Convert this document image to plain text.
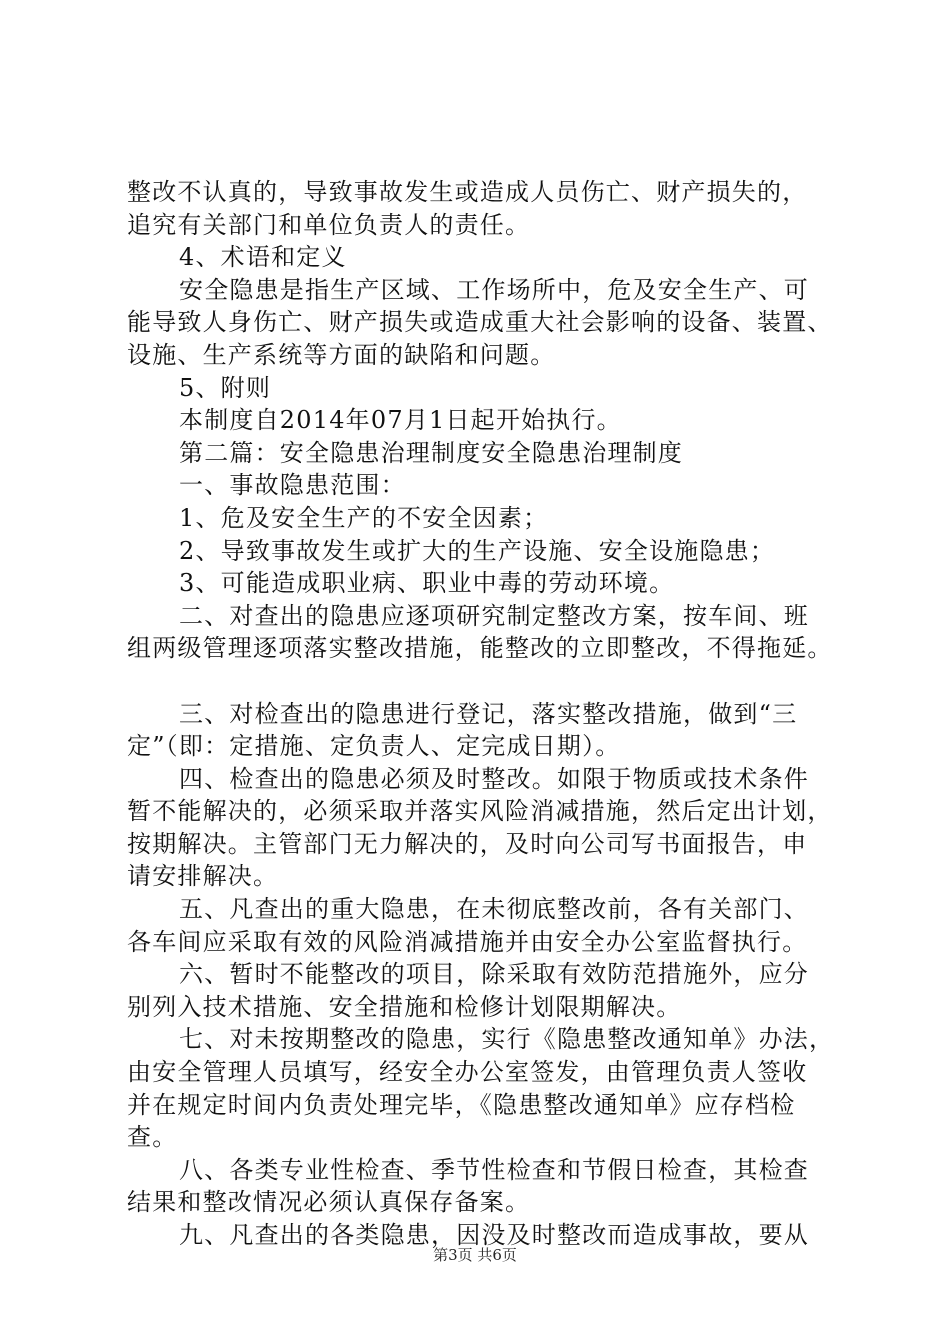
整改不认真的，导致事故发生或造成人员伤亡、财产损失的，
追究有关部门和单位负责人的责任。
4、术语和定义
安全隐患是指生产区域、工作场所中，危及安全生产、可
能导致人身伤亡、财产损失或造成重大社会影响的设备、装置、
设施、生产系统等方面的缺陷和问题。
5、附则
本制度自2014年07月1日起开始执行。
第二篇：安全隐患治理制度安全隐患治理制度
一、事故隐患范围：
1、危及安全生产的不安全因素；
2、导致事故发生或扩大的生产设施、安全设施隐患；
3、可能造成职业病、职业中毒的劳动环境。
二、对查出的隐患应逐项研究制定整改方案，按车间、班
组两级管理逐项落实整改措施，能整改的立即整改，不得拖延。
三、对检查出的隐患进行登记，落实整改措施，做到“三
定”（即：定措施、定负责人、定完成日期）。
四、检查出的隐患必须及时整改。如限于物质或技术条件
暂不能解决的，必须采取并落实风险消减措施，然后定出计划，
按期解决。主管部门无力解决的，及时向公司写书面报告，申
请安排解决。
五、凡查出的重大隐患，在未彻底整改前，各有关部门、
各车间应采取有效的风险消减措施并由安全办公室监督执行。
六、暂时不能整改的项目，除采取有效防范措施外，应分
别列入技术措施、安全措施和检修计划限期解决。
七、对未按期整改的隐患，实行《隐患整改通知单》办法，
由安全管理人员填写，经安全办公室签发，由管理负责人签收
并在规定时间内负责处理完毕，《隐患整改通知单》应存档检
查。
八、各类专业性检查、季节性检查和节假日检查，其检查
结果和整改情况必须认真保存备案。
九、凡查出的各类隐患，因没及时整改而造成事故，要从
第3页 共6页
